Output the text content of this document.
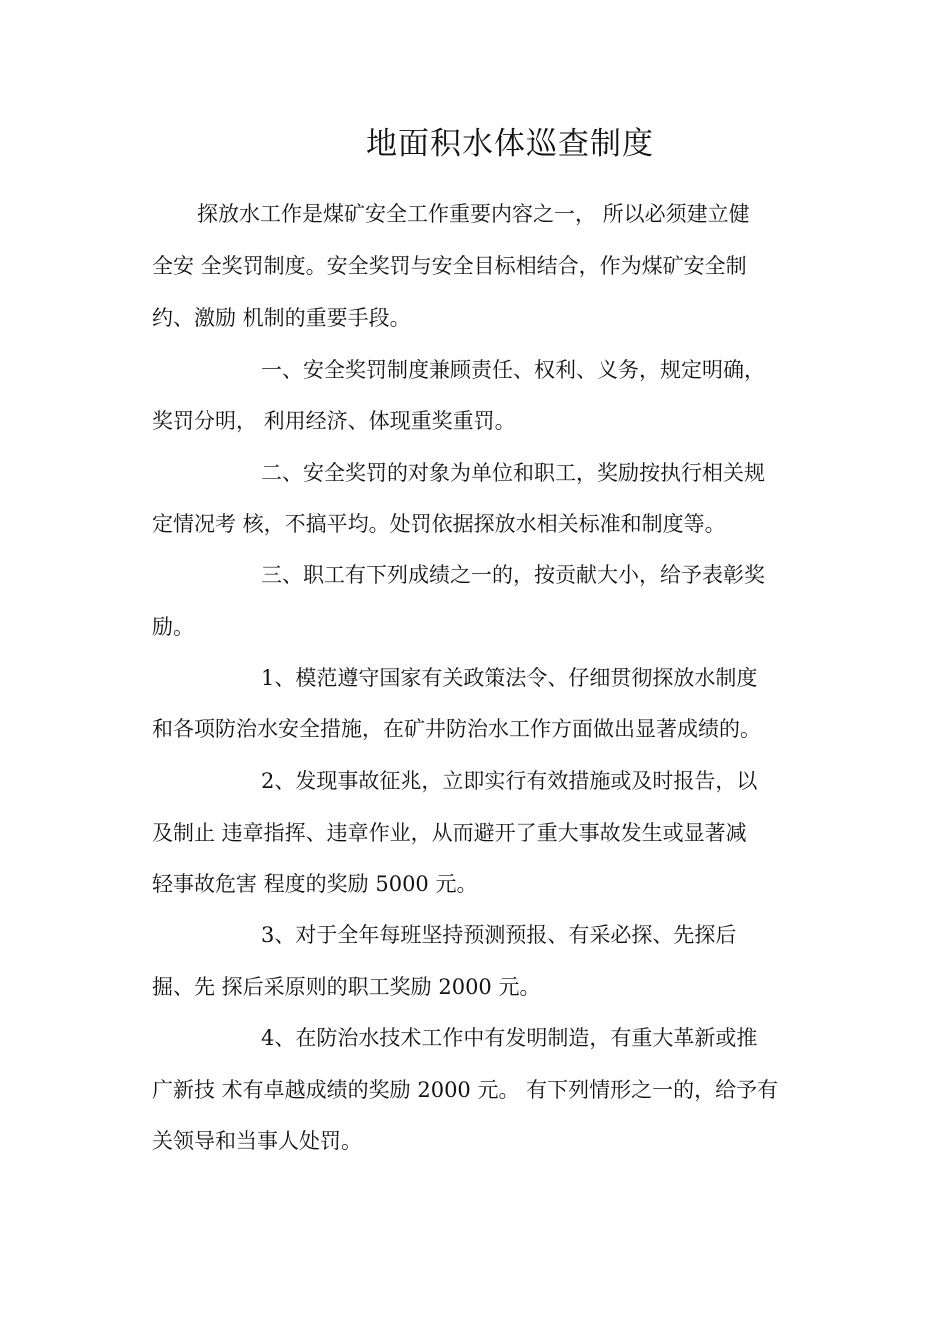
地面积水体巡查制度
探放水工作是煤矿安全工作重要内容之一， 所以必须建立健
全安 全奖罚制度。安全奖罚与安全目标相结合，作为煤矿安全制
约、激励 机制的重要手段。
一、安全奖罚制度兼顾责任、权利、义务，规定明确，
奖罚分明， 利用经济、体现重奖重罚。
二、安全奖罚的对象为单位和职工，奖励按执行相关规
定情况考 核，不搞平均。处罚依据探放水相关标准和制度等。
三、职工有下列成绩之一的，按贡献大小，给予表彰奖
励。
1、模范遵守国家有关政策法令、仔细贯彻探放水制度
和各项防治水安全措施，在矿井防治水工作方面做出显著成绩的。
2、发现事故征兆，立即实行有效措施或及时报告，以
及制止 违章指挥、违章作业，从而避开了重大事故发生或显著减
轻事故危害 程度的奖励 5000 元。
3、对于全年每班坚持预测预报、有采必探、先探后
掘、先 探后采原则的职工奖励 2000 元。
4、在防治水技术工作中有发明制造，有重大革新或推
广新技 术有卓越成绩的奖励 2000 元。 有下列情形之一的，给予有
关领导和当事人处罚。
